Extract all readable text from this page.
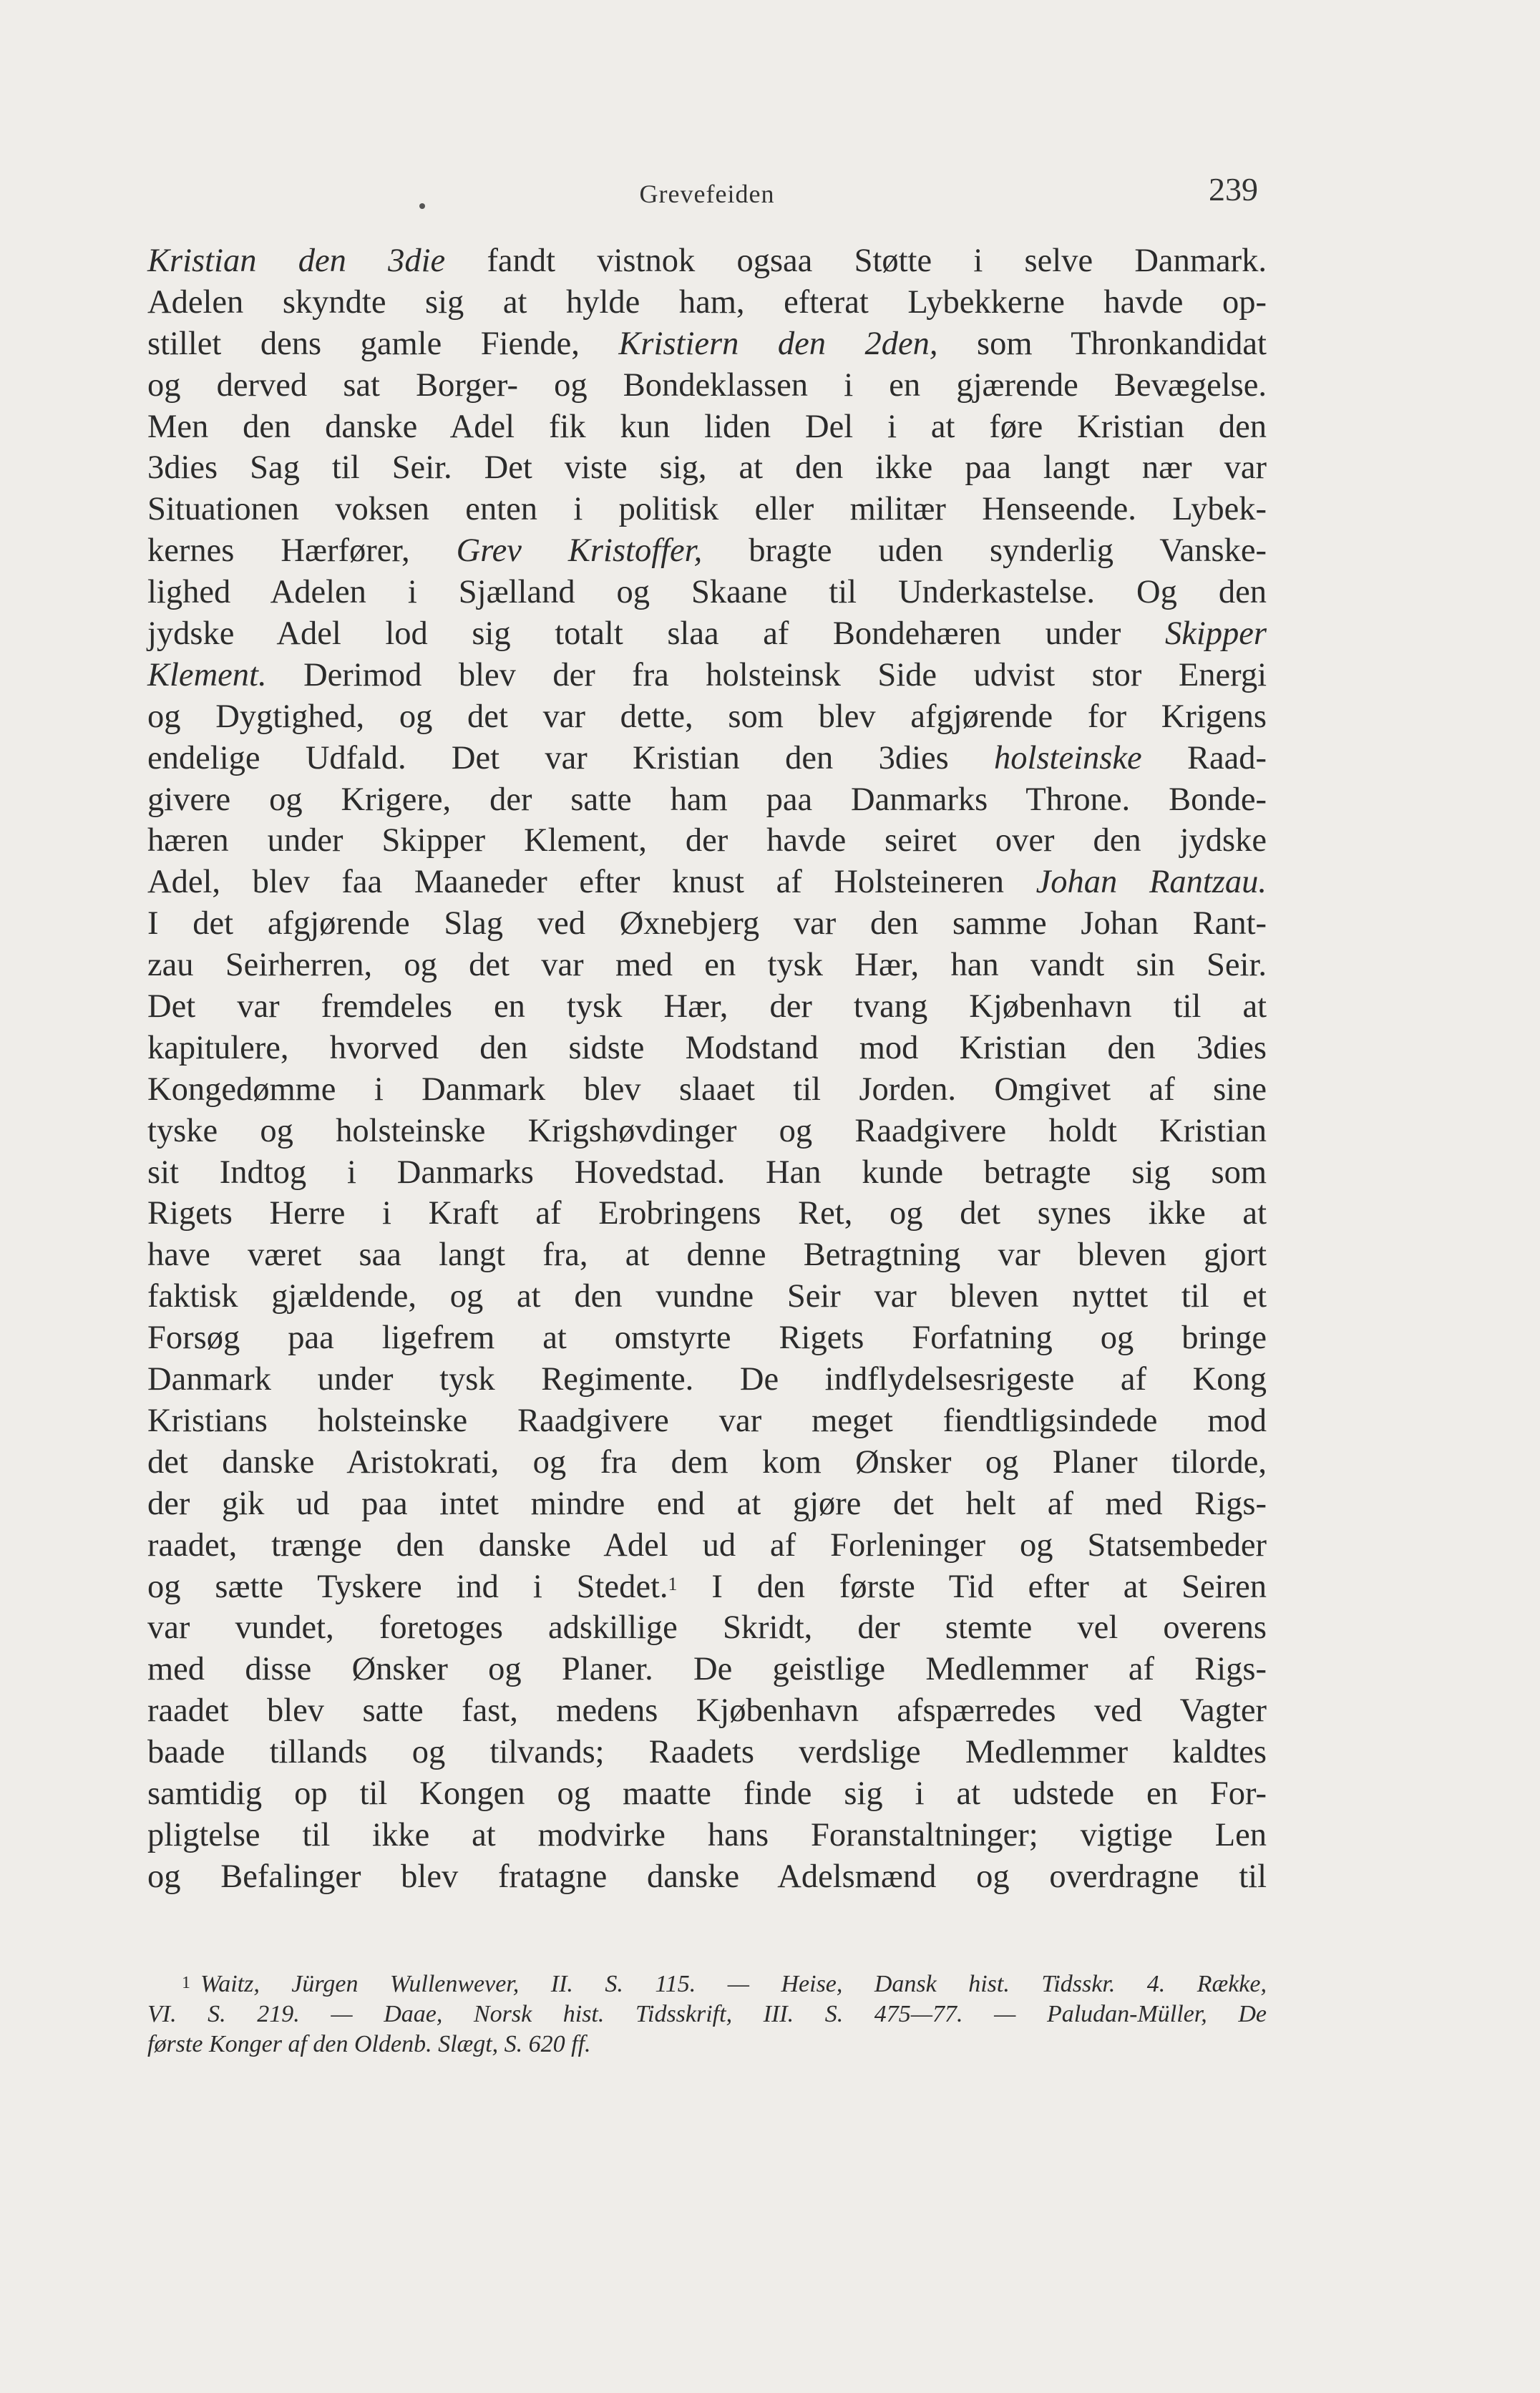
Grevefeiden	239
Kristian den 3die fandt vistnok ogsaa Støtte i selve Danmark.
Adelen skyndte sig at hylde ham, efterat Lybekkerne havde op-
stillet dens gamle Fiende, Kristiern den 2den, som Thronkandidat
og derved sat Borger- og Bondeklassen i en gjærende Bevægelse.
Men den danske Adel fik kun liden Del i at føre Kristian den
3dies Sag til Seir. Det viste sig, at den ikke paa langt nær var
Situationen voksen enten i politisk eller militær Henseende. Lybek-
kernes Hærfører, Grev Kristoffer, bragte uden synderlig Vanske-
lighed Adelen i Sjælland og Skaane til Underkastelse. Og den
jydske Adel lod sig totalt slaa af Bondehæren under Skipper
Klement. Derimod blev der fra holsteinsk Side udvist stor Energi
og Dygtighed, og det var dette, som blev afgjørende for Krigens
endelige Udfald. Det var Kristian den 3dies holsteinske Raad-
givere og Krigere, der satte ham paa Danmarks Throne. Bonde-
hæren under Skipper Klement, der havde seiret over den jydske
Adel, blev faa Maaneder efter knust af Holsteineren Johan Rantzau.
I det afgjørende Slag ved Øxnebjerg var den samme Johan Rant-
zau Seirherren, og det var med en tysk Hær, han vandt sin Seir.
Det var fremdeles en tysk Hær, der tvang Kjøbenhavn til at
kapitulere, hvorved den sidste Modstand mod Kristian den 3dies
Kongedømme i Danmark blev slaaet til Jorden. Omgivet af sine
tyske og holsteinske Krigshøvdinger og Raadgivere holdt Kristian
sit Indtog i Danmarks Hovedstad. Han kunde betragte sig som
Rigets Herre i Kraft af Erobringens Ret, og det synes ikke at
have været saa langt fra, at denne Betragtning var bleven gjort
faktisk gjældende, og at den vundne Seir var bleven nyttet til et
Forsøg paa ligefrem at omstyrte Rigets Forfatning og bringe
Danmark under tysk Regimente. De indflydelsesrigeste af Kong
Kristians holsteinske Raadgivere var meget fiendtligsindede mod
det danske Aristokrati, og fra dem kom Ønsker og Planer tilorde,
der gik ud paa intet mindre end at gjøre det helt af med Rigs-
raadet, trænge den danske Adel ud af Forleninger og Statsembeder
og sætte Tyskere ind i Stedet.$^1$ I den første Tid efter at Seiren
var vundet, foretoges adskillige Skridt, der stemte vel overens
med disse Ønsker og Planer. De geistlige Medlemmer af Rigs-
raadet blev satte fast, medens Kjøbenhavn afspærredes ved Vagter
baade tillands og tilvands; Raadets verdslige Medlemmer kaldtes
samtidig op til Kongen og maatte finde sig i at udstede en For-
pligtelse til ikke at modvirke hans Foranstaltninger; vigtige Len
og Befalinger blev fratagne danske Adelsmænd og overdragne til
$^1$ Waitz, Jürgen Wullenwever, II. S. 115. — Heise, Dansk hist. Tidsskr. 4. Række,
VI. S. 219. — Daae, Norsk hist. Tidsskrift, III. S. 475—77. — Paludan-Müller, De
første Konger af den Oldenb. Slægt, S. 620 ff.
